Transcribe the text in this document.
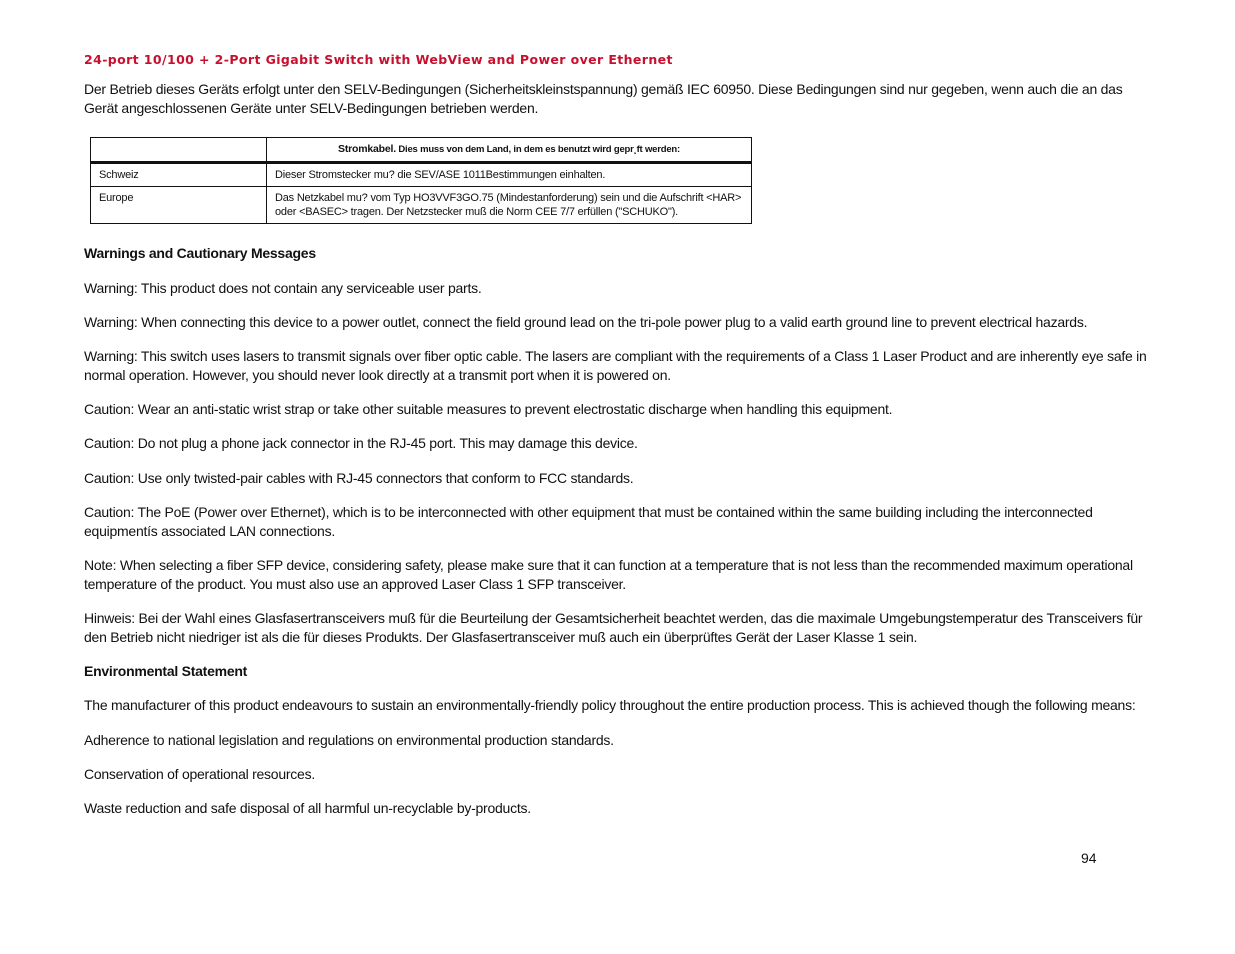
24-port 10/100 + 2-Port Gigabit Switch with WebView and Power over Ethernet

Der Betrieb dieses Geräts erfolgt unter den SELV-Bedingungen (Sicherheitskleinstspannung) gemäß IEC 60950. Diese Bedingungen sind nur gegeben, wenn auch die an das Gerät angeschlossenen Geräte unter SELV-Bedingungen betrieben werden.

	Stromkabel. Dies muss von dem Land, in dem es benutzt wird gepr¸ft werden:
Schweiz	Dieser Stromstecker mu? die SEV/ASE 1011Bestimmungen einhalten.
Europe	Das Netzkabel mu? vom Typ HO3VVF3GO.75 (Mindestanforderung) sein und die Aufschrift <HAR> oder <BASEC> tragen. Der Netzstecker muß die Norm CEE 7/7 erfüllen ("SCHUKO").

Warnings and Cautionary Messages

Warning: This product does not contain any serviceable user parts.

Warning: When connecting this device to a power outlet, connect the field ground lead on the tri-pole power plug to a valid earth ground line to prevent electrical hazards.

Warning: This switch uses lasers to transmit signals over fiber optic cable. The lasers are compliant with the requirements of a Class 1 Laser Product and are inherently eye safe in normal operation. However, you should never look directly at a transmit port when it is powered on.

Caution: Wear an anti-static wrist strap or take other suitable measures to prevent electrostatic discharge when handling this equipment.

Caution: Do not plug a phone jack connector in the RJ-45 port. This may damage this device.

Caution: Use only twisted-pair cables with RJ-45 connectors that conform to FCC standards.

Caution: The PoE (Power over Ethernet), which is to be interconnected with other equipment that must be contained within the same building including the interconnected equipmentís associated LAN connections.

Note: When selecting a fiber SFP device, considering safety, please make sure that it can function at a temperature that is not less than the recommended maximum operational temperature of the product. You must also use an approved Laser Class 1 SFP transceiver.

Hinweis: Bei der Wahl eines Glasfasertransceivers muß für die Beurteilung der Gesamtsicherheit beachtet werden, das die maximale Umgebungstemperatur des Transceivers für den Betrieb nicht niedriger ist als die für dieses Produkts. Der Glasfasertransceiver muß auch ein überprüftes Gerät der Laser Klasse 1 sein.

Environmental Statement

The manufacturer of this product endeavours to sustain an environmentally-friendly policy throughout the entire production process. This is achieved though the following means:

Adherence to national legislation and regulations on environmental production standards.

Conservation of operational resources.

Waste reduction and safe disposal of all harmful un-recyclable by-products.

94
